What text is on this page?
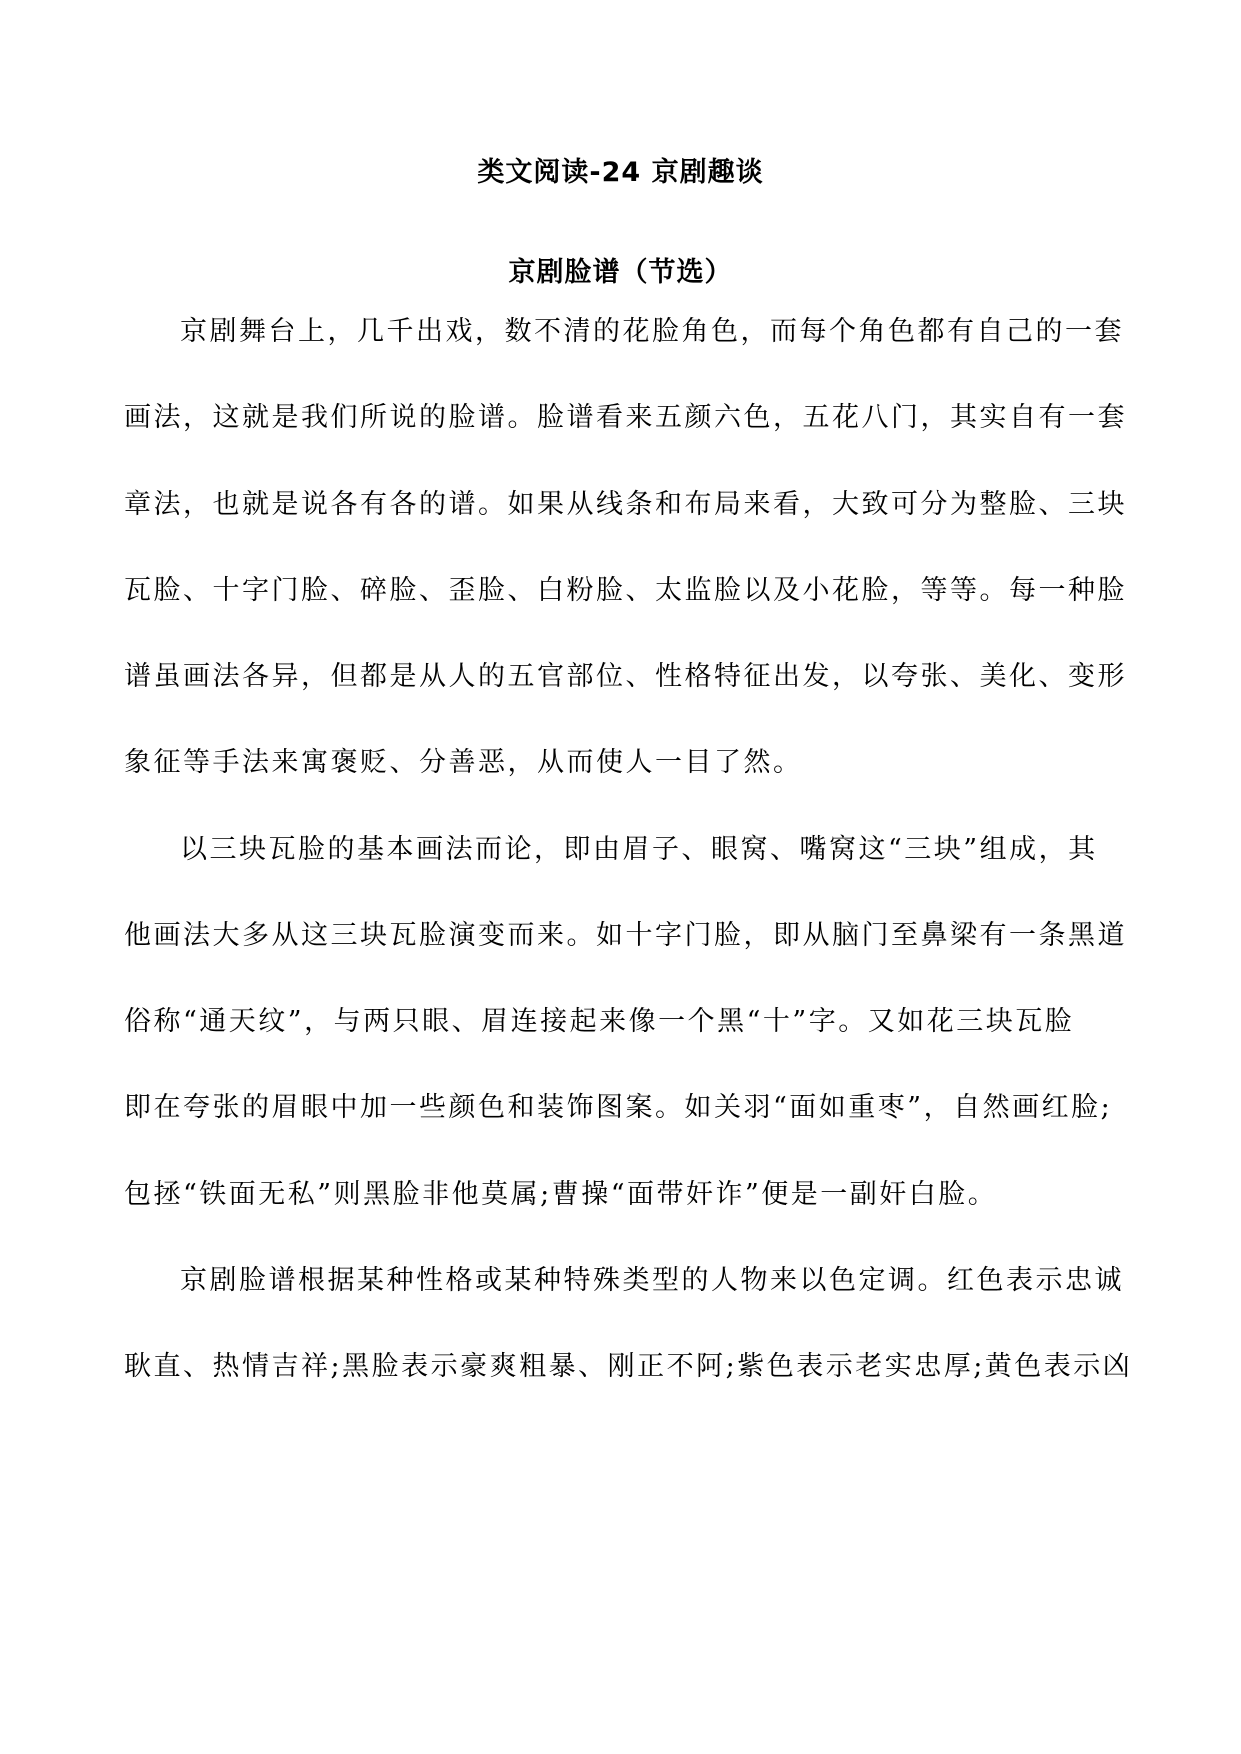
类文阅读-24 京剧趣谈
京剧脸谱（节选）
京剧舞台上，几千出戏，数不清的花脸角色，而每个角色都有自己的一套
画法，这就是我们所说的脸谱。脸谱看来五颜六色，五花八门，其实自有一套
章法，也就是说各有各的谱。如果从线条和布局来看，大致可分为整脸、三块
瓦脸、十字门脸、碎脸、歪脸、白粉脸、太监脸以及小花脸，等等。每一种脸
谱虽画法各异，但都是从人的五官部位、性格特征出发，以夸张、美化、变形
象征等手法来寓褒贬、分善恶，从而使人一目了然。
以三块瓦脸的基本画法而论，即由眉子、眼窝、嘴窝这“三块”组成，其
他画法大多从这三块瓦脸演变而来。如十字门脸，即从脑门至鼻梁有一条黑道
俗称“通天纹”，与两只眼、眉连接起来像一个黑“十”字。又如花三块瓦脸
即在夸张的眉眼中加一些颜色和装饰图案。如关羽“面如重枣”，自然画红脸;
包拯“铁面无私”则黑脸非他莫属;曹操“面带奸诈”便是一副奸白脸。
京剧脸谱根据某种性格或某种特殊类型的人物来以色定调。红色表示忠诚
耿直、热情吉祥;黑脸表示豪爽粗暴、刚正不阿;紫色表示老实忠厚;黄色表示凶
